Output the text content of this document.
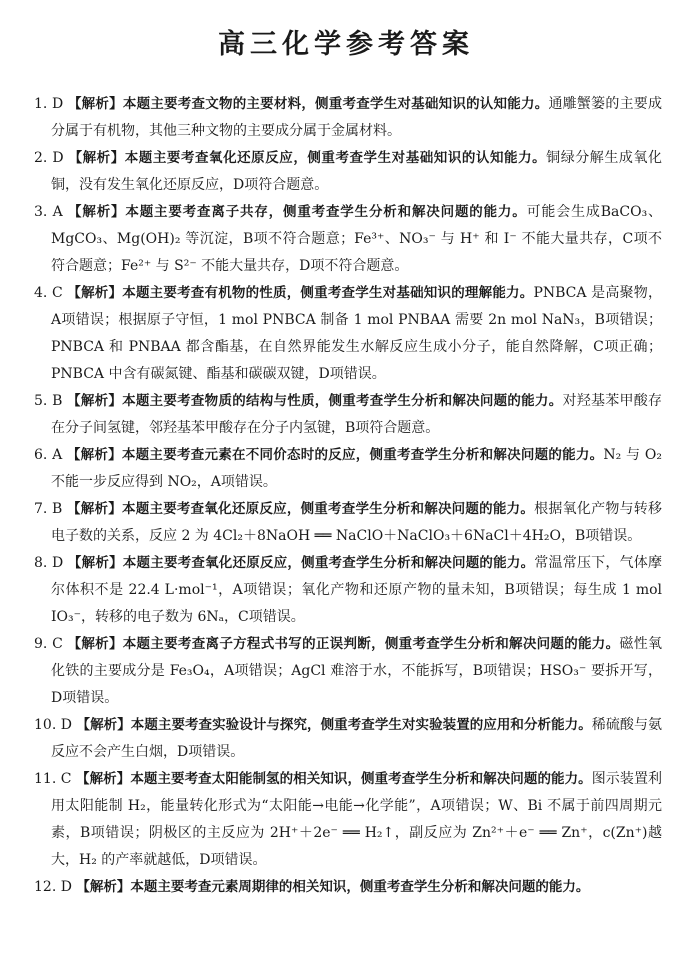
高三化学参考答案

1. D 【解析】本题主要考查文物的主要材料，侧重考查学生对基础知识的认知能力。通雕蟹篓的主要成分属于有机物，其他三种文物的主要成分属于金属材料。

2. D 【解析】本题主要考查氧化还原反应，侧重考查学生对基础知识的认知能力。铜绿分解生成氧化铜，没有发生氧化还原反应，D项符合题意。

3. A 【解析】本题主要考查离子共存，侧重考查学生分析和解决问题的能力。可能会生成BaCO₃、MgCO₃、Mg(OH)₂ 等沉淀，B项不符合题意；Fe³⁺、NO₃⁻ 与 H⁺ 和 I⁻ 不能大量共存，C项不符合题意；Fe²⁺ 与 S²⁻ 不能大量共存，D项不符合题意。

4. C 【解析】本题主要考查有机物的性质，侧重考查学生对基础知识的理解能力。PNBCA 是高聚物，A项错误；根据原子守恒，1 mol PNBCA 制备 1 mol PNBAA 需要 2n mol NaN₃，B项错误；PNBCA 和 PNBAA 都含酯基，在自然界能发生水解反应生成小分子，能自然降解，C项正确；PNBCA 中含有碳氮键、酯基和碳碳双键，D项错误。

5. B 【解析】本题主要考查物质的结构与性质，侧重考查学生分析和解决问题的能力。对羟基苯甲酸存在分子间氢键，邻羟基苯甲酸存在分子内氢键，B项符合题意。

6. A 【解析】本题主要考查元素在不同价态时的反应，侧重考查学生分析和解决问题的能力。N₂ 与 O₂ 不能一步反应得到 NO₂，A项错误。

7. B 【解析】本题主要考查氧化还原反应，侧重考查学生分析和解决问题的能力。根据氧化产物与转移电子数的关系，反应 2 为 4Cl₂＋8NaOH ══ NaClO＋NaClO₃＋6NaCl＋4H₂O，B项错误。

8. D 【解析】本题主要考查氧化还原反应，侧重考查学生分析和解决问题的能力。常温常压下，气体摩尔体积不是 22.4 L·mol⁻¹，A项错误；氧化产物和还原产物的量未知，B项错误；每生成 1 mol IO₃⁻，转移的电子数为 6Nₐ，C项错误。

9. C 【解析】本题主要考查离子方程式书写的正误判断，侧重考查学生分析和解决问题的能力。磁性氧化铁的主要成分是 Fe₃O₄，A项错误；AgCl 难溶于水，不能拆写，B项错误；HSO₃⁻ 要拆开写，D项错误。

10. D 【解析】本题主要考查实验设计与探究，侧重考查学生对实验装置的应用和分析能力。稀硫酸与氨反应不会产生白烟，D项错误。

11. C 【解析】本题主要考查太阳能制氢的相关知识，侧重考查学生分析和解决问题的能力。图示装置利用太阳能制 H₂，能量转化形式为“太阳能→电能→化学能”，A项错误；W、Bi 不属于前四周期元素，B项错误；阴极区的主反应为 2H⁺＋2e⁻ ══ H₂↑，副反应为 Zn²⁺＋e⁻ ══ Zn⁺，c(Zn⁺)越大，H₂ 的产率就越低，D项错误。

12. D 【解析】本题主要考查元素周期律的相关知识，侧重考查学生分析和解决问题的能力。
